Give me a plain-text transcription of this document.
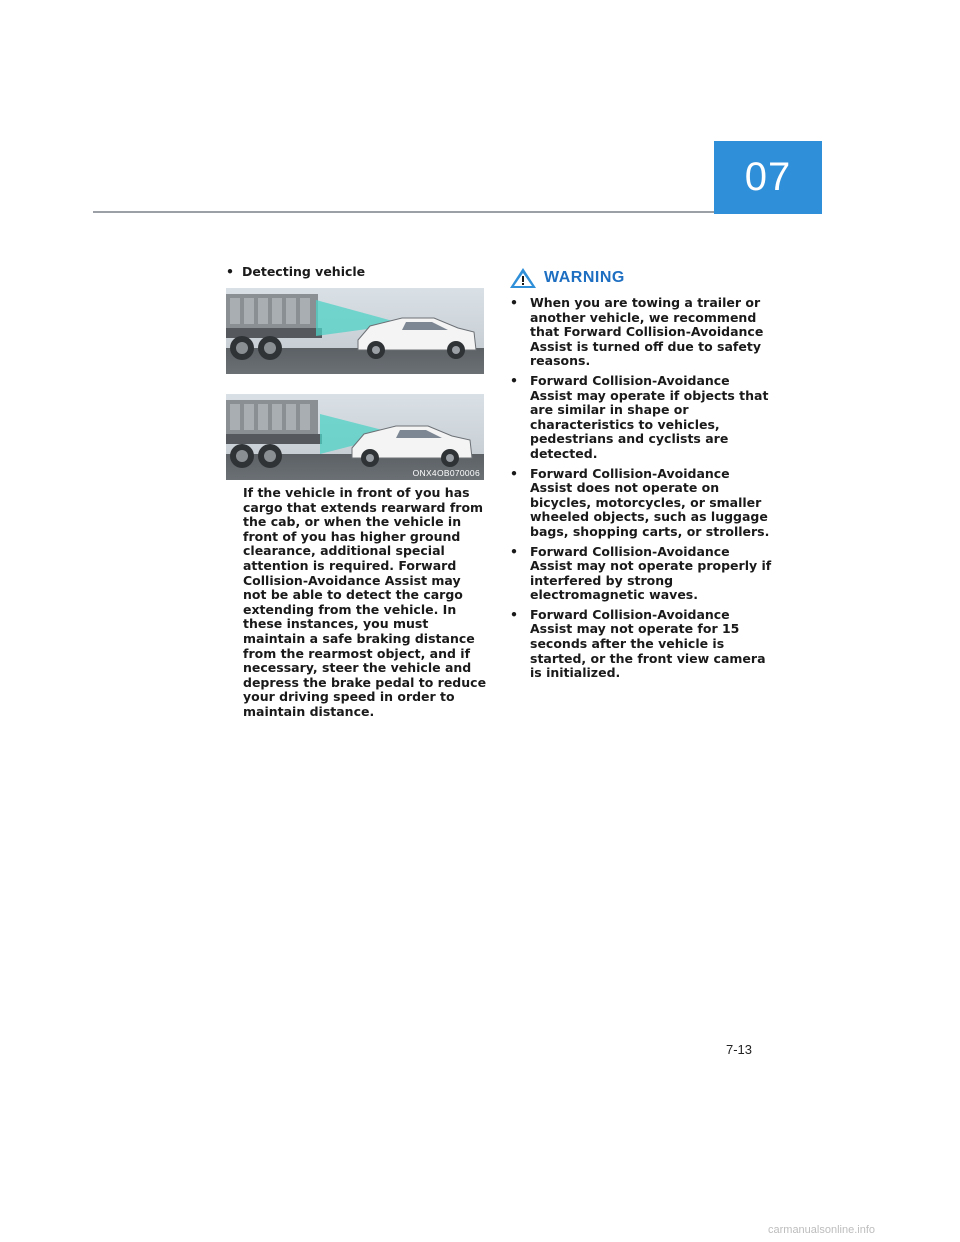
07
• Detecting vehicle
ONX4OB070006

If the vehicle in front of you has cargo that extends rearward from the cab, or when the vehicle in front of you has higher ground clearance, additional special attention is required. Forward Collision-Avoidance Assist may not be able to detect the cargo extending from the vehicle. In these instances, you must maintain a safe braking distance from the rearmost object, and if necessary, steer the vehicle and depress the brake pedal to reduce your driving speed in order to maintain distance.

WARNING
• When you are towing a trailer or another vehicle, we recommend that Forward Collision-Avoidance Assist is turned off due to safety reasons.
• Forward Collision-Avoidance Assist may operate if objects that are similar in shape or characteristics to vehicles, pedestrians and cyclists are detected.
• Forward Collision-Avoidance Assist does not operate on bicycles, motorcycles, or smaller wheeled objects, such as luggage bags, shopping carts, or strollers.
• Forward Collision-Avoidance Assist may not operate properly if interfered by strong electromagnetic waves.
• Forward Collision-Avoidance Assist may not operate for 15 seconds after the vehicle is started, or the front view camera is initialized.
7-13
carmanualsonline.info
